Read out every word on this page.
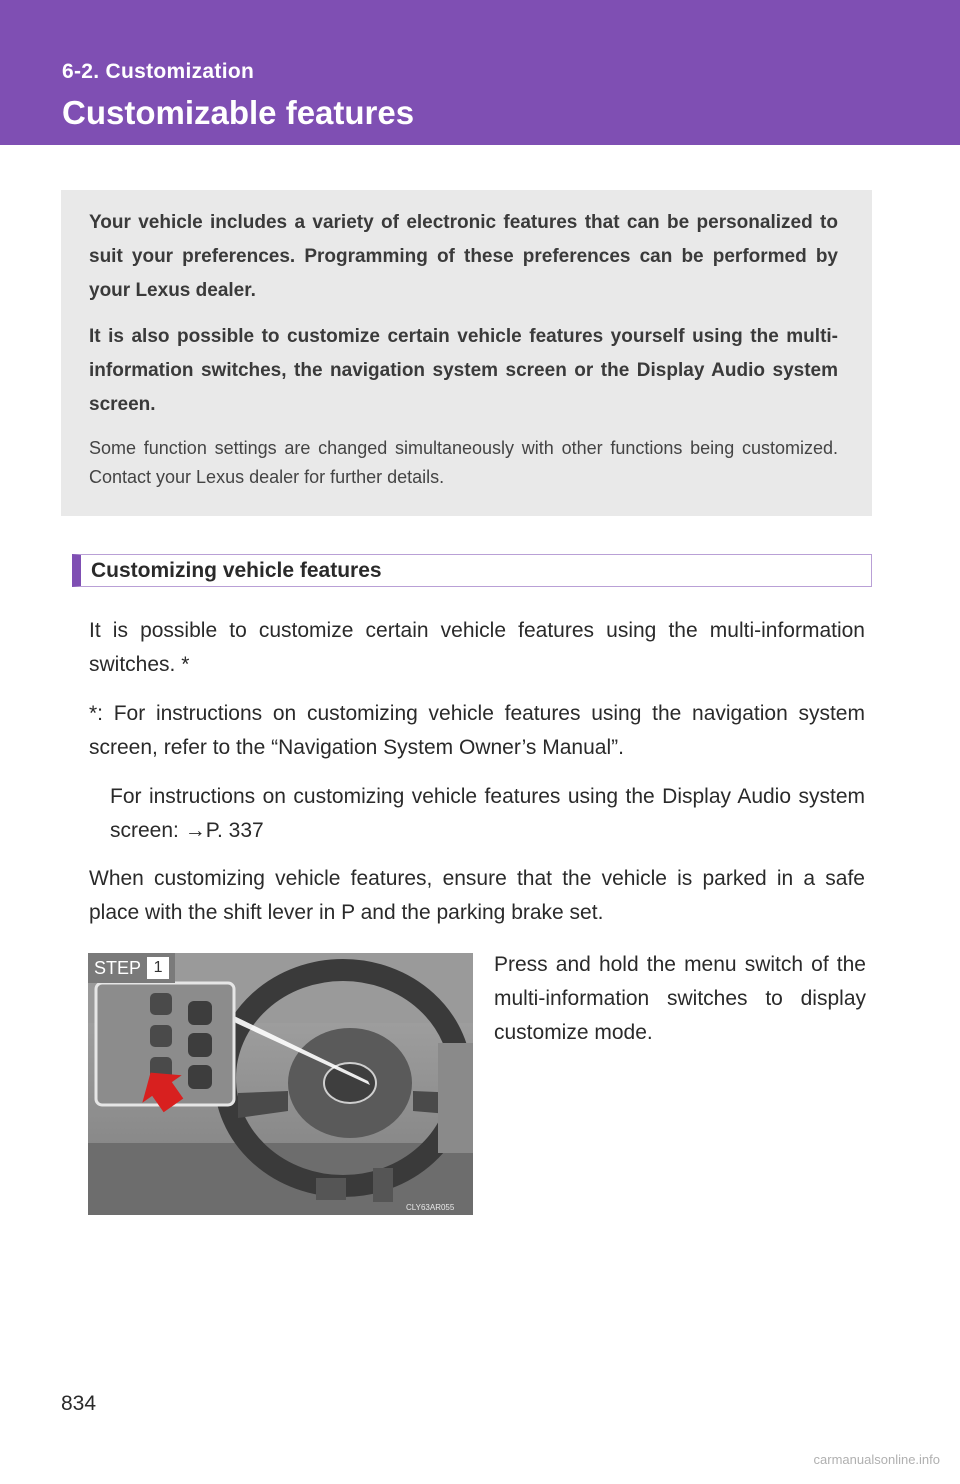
6-2. Customization
Customizable features

Your vehicle includes a variety of electronic features that can be personalized to suit your preferences. Programming of these preferences can be performed by your Lexus dealer.

It is also possible to customize certain vehicle features yourself using the multi-information switches, the navigation system screen or the Display Audio system screen.

Some function settings are changed simultaneously with other functions being customized. Contact your Lexus dealer for further details.

Customizing vehicle features

It is possible to customize certain vehicle features using the multi-information switches. *

*: For instructions on customizing vehicle features using the navigation system screen, refer to the “Navigation System Owner’s Manual”.

For instructions on customizing vehicle features using the Display Audio system screen: →P. 337

When customizing vehicle features, ensure that the vehicle is parked in a safe place with the shift lever in P and the parking brake set.

STEP 1
CLY63AR055

Press and hold the menu switch of the multi-information switches to display customize mode.

834
carmanualsonline.info
